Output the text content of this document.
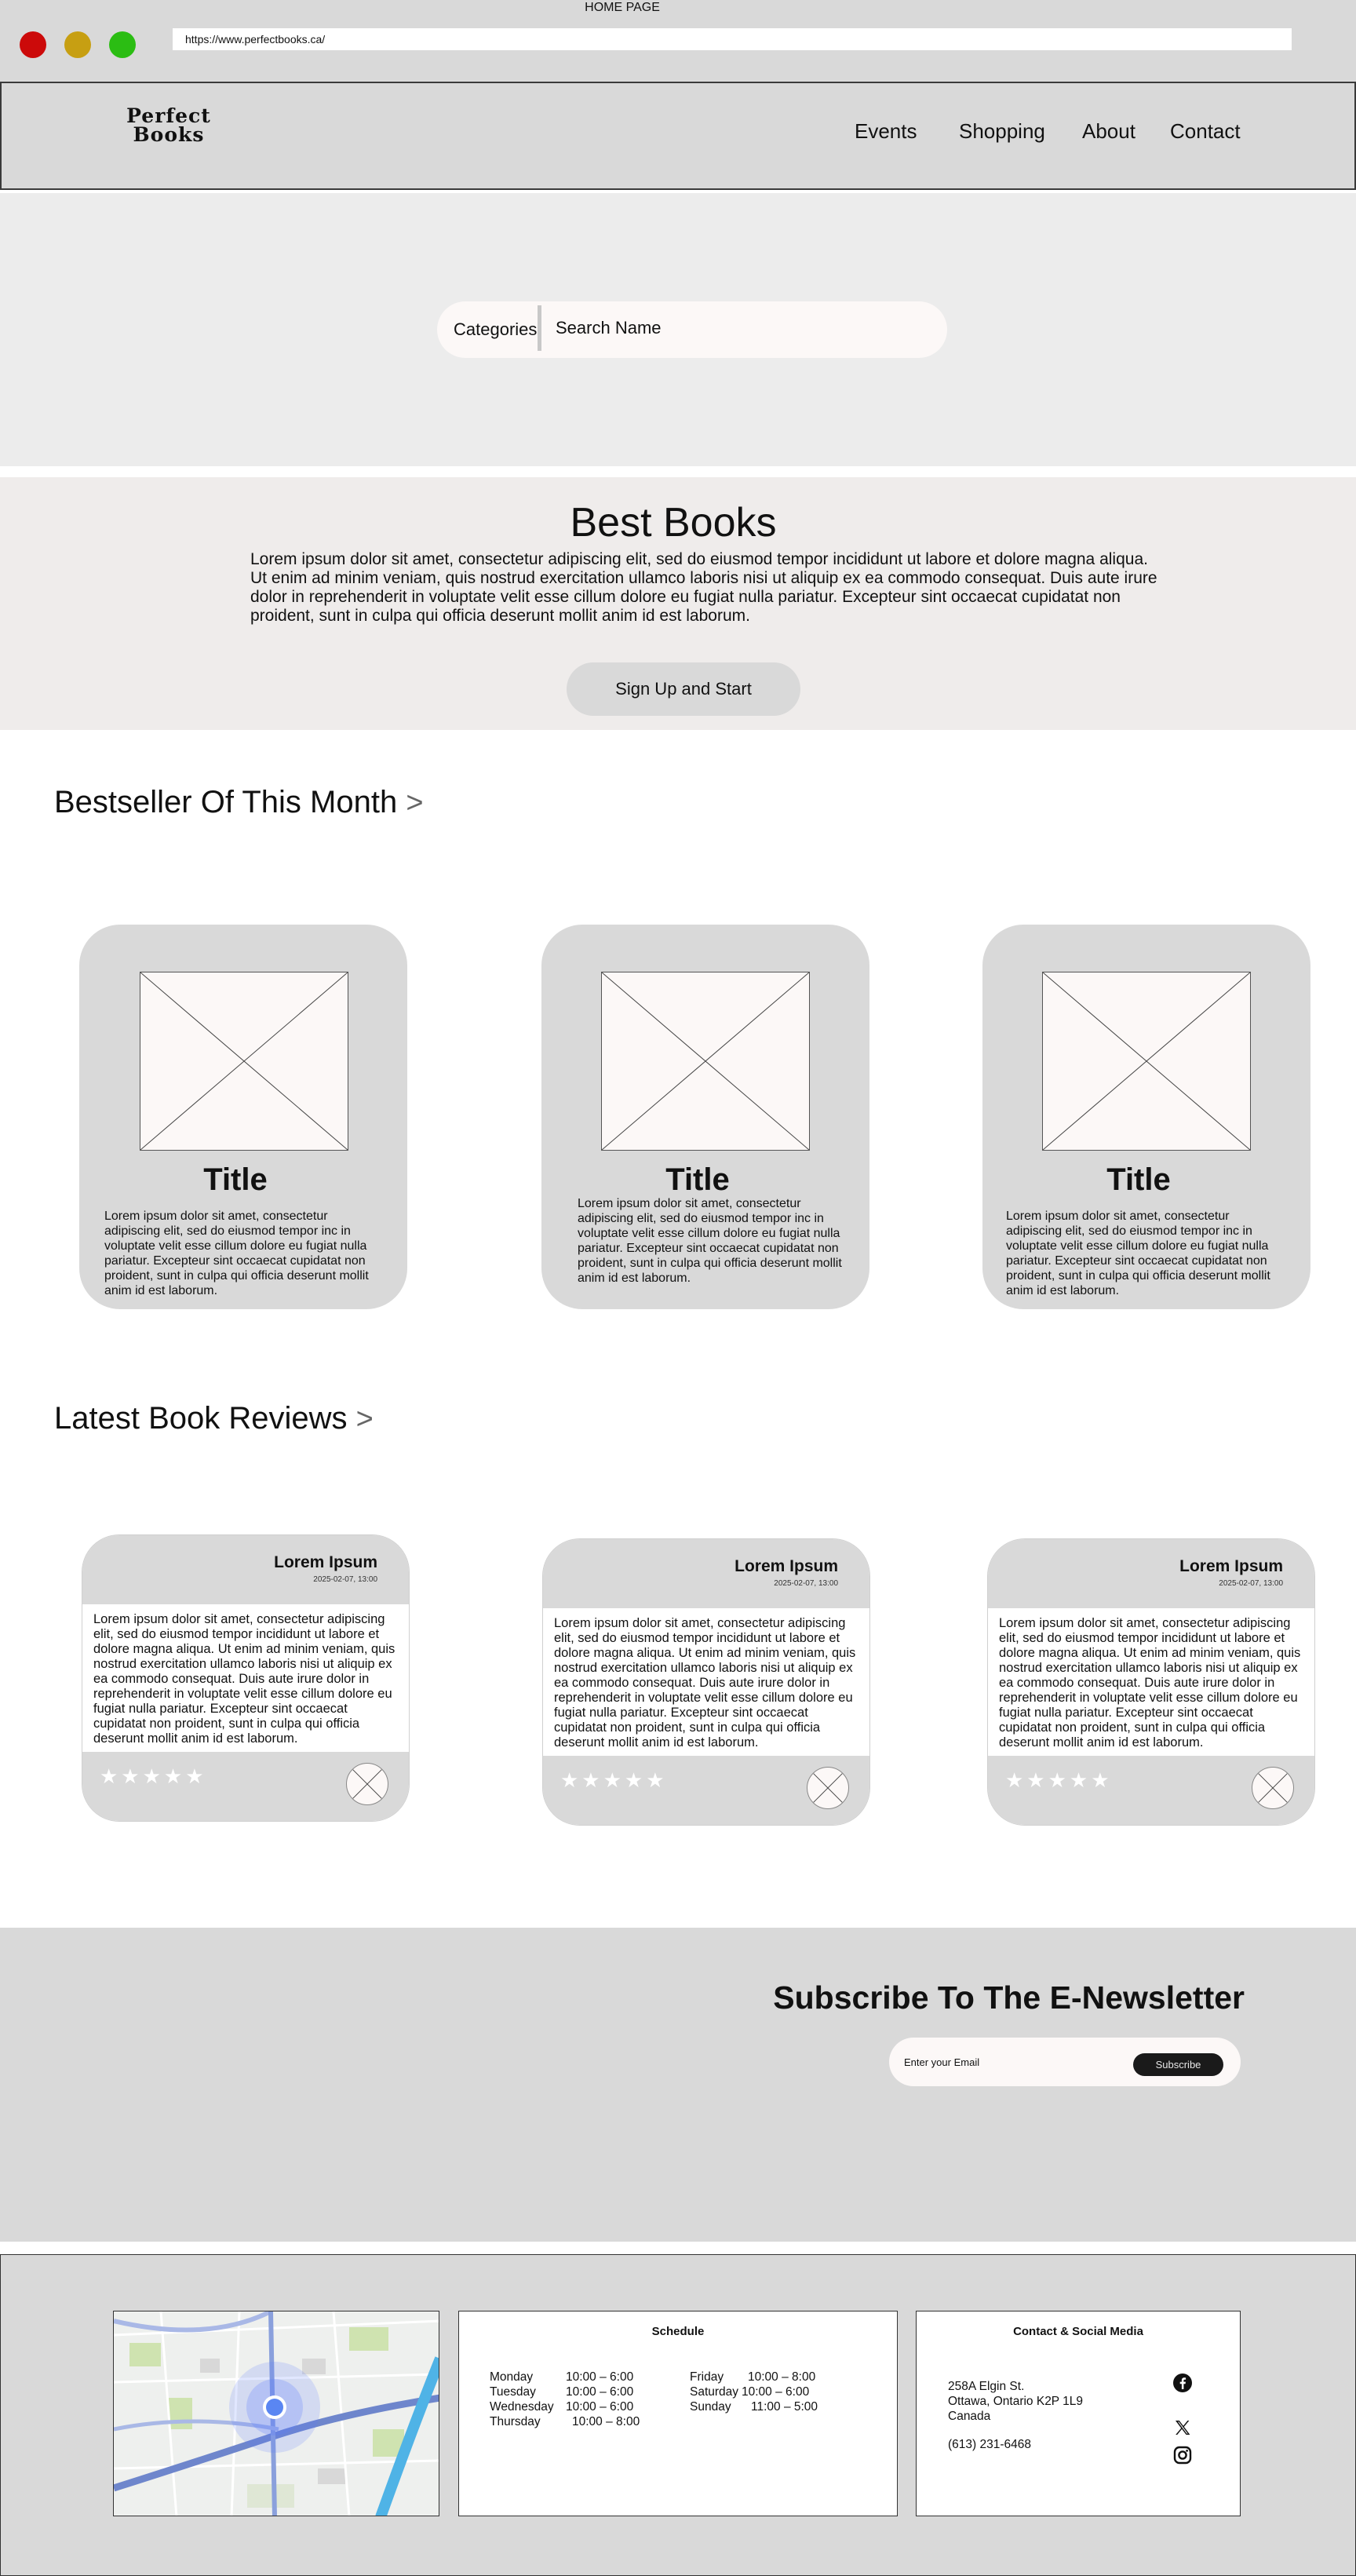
HOME PAGE
https://www.perfectbooks.ca/
Perfect
Books	Events Shopping About Contact
Categories
Search Name
Best Books
Lorem ipsum dolor sit amet, consectetur adipiscing elit, sed do eiusmod tempor incididunt ut labore et dolore magna aliqua. Ut enim ad minim veniam, quis nostrud exercitation ullamco laboris nisi ut aliquip ex ea commodo consequat. Duis aute irure dolor in reprehenderit in voluptate velit esse cillum dolore eu fugiat nulla pariatur. Excepteur sint occaecat cupidatat non proident, sunt in culpa qui officia deserunt mollit anim id est laborum.
Sign Up and Start
Bestseller Of This Month >
Title
Lorem ipsum dolor sit amet, consectetur adipiscing elit, sed do eiusmod tempor inc in voluptate velit esse cillum dolore eu fugiat nulla pariatur. Excepteur sint occaecat cupidatat non proident, sunt in culpa qui officia deserunt mollit anim id est laborum.
Title
Lorem ipsum dolor sit amet, consectetur adipiscing elit, sed do eiusmod tempor inc in voluptate velit esse cillum dolore eu fugiat nulla pariatur. Excepteur sint occaecat cupidatat non proident, sunt in culpa qui officia deserunt mollit anim id est laborum.
Title
Lorem ipsum dolor sit amet, consectetur adipiscing elit, sed do eiusmod tempor inc in voluptate velit esse cillum dolore eu fugiat nulla pariatur. Excepteur sint occaecat cupidatat non proident, sunt in culpa qui officia deserunt mollit anim id est laborum.
Latest Book Reviews >
Lorem Ipsum
2025-02-07, 13:00
Lorem ipsum dolor sit amet, consectetur adipiscing elit, sed do eiusmod tempor incididunt ut labore et dolore magna aliqua. Ut enim ad minim veniam, quis nostrud exercitation ullamco laboris nisi ut aliquip ex ea commodo consequat. Duis aute irure dolor in reprehenderit in voluptate velit esse cillum dolore eu fugiat nulla pariatur. Excepteur sint occaecat cupidatat non proident, sunt in culpa qui officia deserunt mollit anim id est laborum.
★★★★★
Lorem Ipsum
2025-02-07, 13:00
Lorem ipsum dolor sit amet, consectetur adipiscing elit, sed do eiusmod tempor incididunt ut labore et dolore magna aliqua. Ut enim ad minim veniam, quis nostrud exercitation ullamco laboris nisi ut aliquip ex ea commodo consequat. Duis aute irure dolor in reprehenderit in voluptate velit esse cillum dolore eu fugiat nulla pariatur. Excepteur sint occaecat cupidatat non proident, sunt in culpa qui officia deserunt mollit anim id est laborum.
★★★★★
Lorem Ipsum
2025-02-07, 13:00
Lorem ipsum dolor sit amet, consectetur adipiscing elit, sed do eiusmod tempor incididunt ut labore et dolore magna aliqua. Ut enim ad minim veniam, quis nostrud exercitation ullamco laboris nisi ut aliquip ex ea commodo consequat. Duis aute irure dolor in reprehenderit in voluptate velit esse cillum dolore eu fugiat nulla pariatur. Excepteur sint occaecat cupidatat non proident, sunt in culpa qui officia deserunt mollit anim id est laborum.
★★★★★
Subscribe To The E-Newsletter
Enter your Email
Subscribe
Schedule
Monday
Tuesday
Wednesday
Thursday
10:00 – 6:00
10:00 – 6:00
10:00 – 6:00
10:00 – 8:00
Friday
Saturday
Sunday
10:00 – 8:00
10:00 – 6:00
11:00 – 5:00
Contact & Social Media
258A Elgin St.
Ottawa, Ontario K2P 1L9
Canada
(613) 231-6468
